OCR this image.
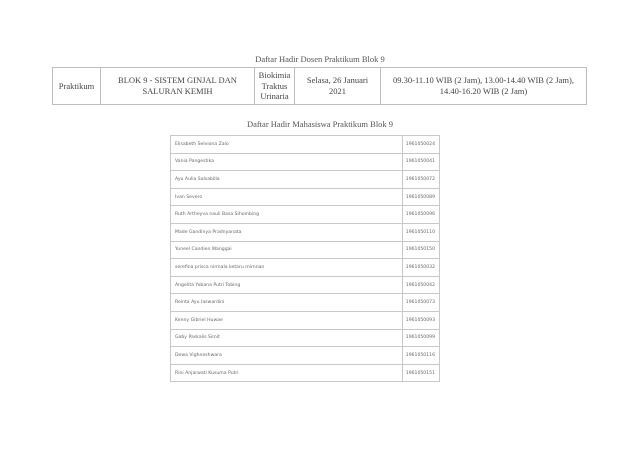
Daftar Hadir Dosen Praktikum Blok 9
Praktikum	BLOK 9 - SISTEM GINJAL DAN SALURAN KEMIH	Biokimia Traktus Urinaria	Selasa, 26 Januari 2021	09.30-11.10 WIB (2 Jam), 13.00-14.40 WIB (2 Jam), 14.40-16.20 WIB (2 Jam)
Daftar Hadir Mahasiswa Praktikum Blok 9
Elisabeth Selviona Zalo	1961050024
Vania Pangestika	1961050041
Ayu Aulia Salsabilla	1961050072
Ivan Severo	1961050089
Ruth Artheyva nauli Basa Sihombing	1961050096
Made Gandinya Pradnyanata	1961050110
Yuneel Candien Wanggai	1961050150
serefina prisca nirmala ketaru mirnnan	1961050032
Angelita Yobana Putri Tobing	1961050042
Reinta Ayu Iaswardini	1961050073
Kenny Gibriel Huwae	1961050093
Gaby Paskalis Simit	1961050099
Dewa Vighneshwara	1961050116
Rini Anjarwati Kusuma Putri	1961050151
